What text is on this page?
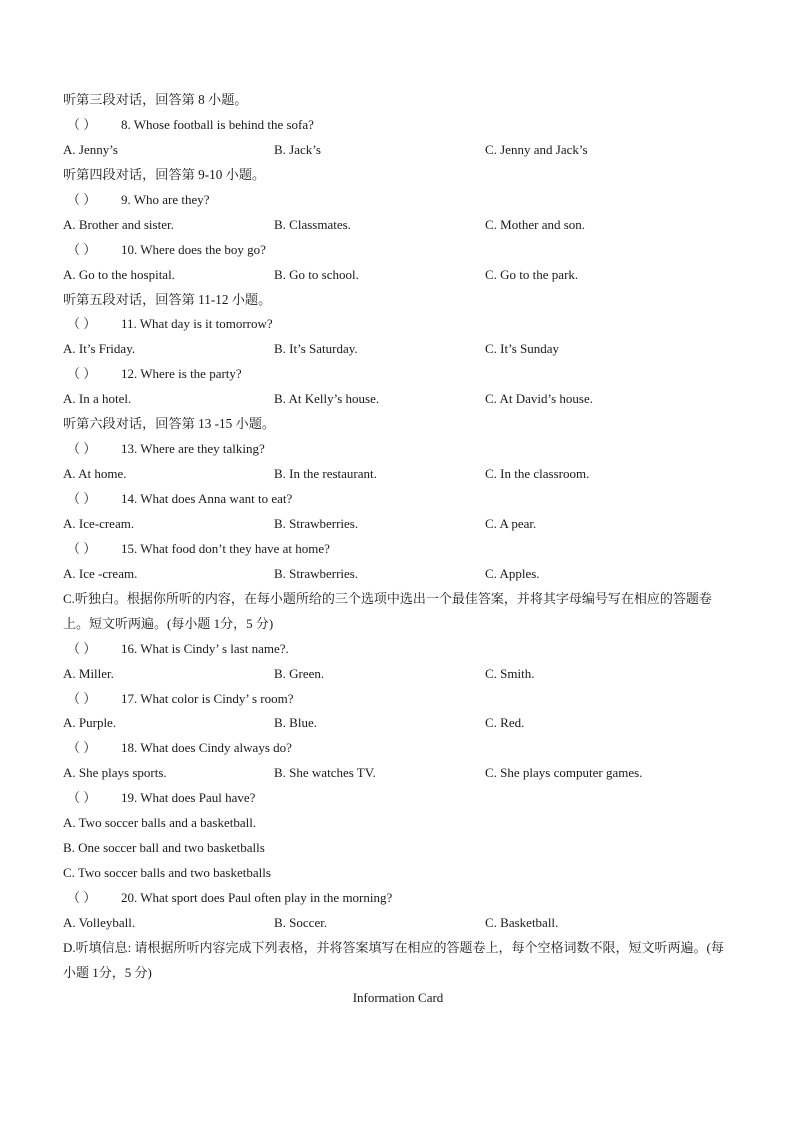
听第三段对话，回答第 8 小题。
（ ） 8. Whose football is behind the sofa?
A. Jenny’s	B. Jack’s	C. Jenny and Jack’s
听第四段对话，回答第 9-10 小题。
（ ） 9. Who are they?
A. Brother and sister.	B. Classmates.	C. Mother and son.
（ ） 10. Where does the boy go?
A. Go to the hospital.	B. Go to school.	C. Go to the park.
听第五段对话，回答第 11-12 小题。
（ ） 11. What day is it tomorrow?
A. It’s Friday.	B. It’s Saturday.	C. It’s Sunday
（ ） 12. Where is the party?
A. In a hotel.	B. At Kelly’s house.	C. At David’s house.
听第六段对话，回答第 13 -15 小题。
（ ） 13. Where are they talking?
A. At home.	B. In the restaurant.	C. In the classroom.
（ ） 14. What does Anna want to eat?
A. Ice-cream.	B. Strawberries.	C. A pear.
（ ） 15. What food don’t they have at home?
A. Ice -cream.	B. Strawberries.	C. Apples.
C.听独白。根据你所听的内容，在每小题所给的三个选项中选出一个最佳答案，并将其字母编号写在相应的答题卷上。短文听两遍。(每小题 1分，5 分)
（ ） 16. What is Cindy’ s last name?.
A. Miller.	B. Green.	C. Smith.
（ ） 17. What color is Cindy’ s room?
A. Purple.	B. Blue.	C. Red.
（ ） 18. What does Cindy always do?
A. She plays sports.	B. She watches TV.	C. She plays computer games.
（ ） 19. What does Paul have?
A. Two soccer balls and a basketball.
B. One soccer ball and two basketballs
C. Two soccer balls and two basketballs
（ ） 20. What sport does Paul often play in the morning?
A. Volleyball.	B. Soccer.	C. Basketball.
D.听填信息: 请根据所听内容完成下列表格，并将答案填写在相应的答题卷上，每个空格词数不限，短文听两遍。(每小题 1分，5 分)
Information Card
